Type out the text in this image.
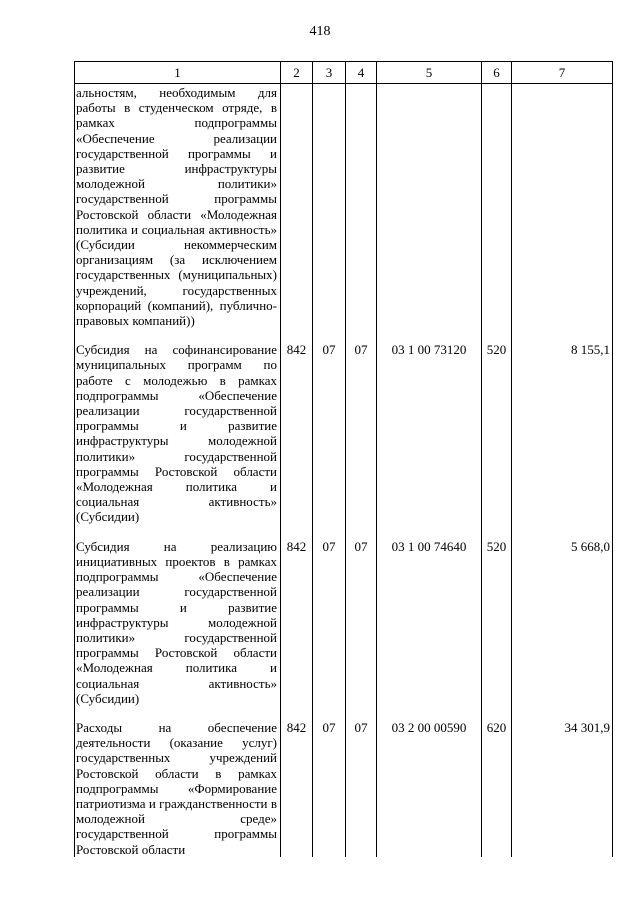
418
1	2	3	4	5	6	7
альностям, необходимым для работы в студенческом отряде, в рамках подпрограммы «Обеспечение реализации государственной программы и развитие инфраструктуры молодежной политики» государственной программы Ростовской области «Молодежная политика и социальная активность» (Субсидии некоммерческим организациям (за исключением государственных (муниципальных) учреждений, государственных корпораций (компаний), публично-правовых компаний))						
Субсидия на софинансирование муниципальных программ по работе с молодежью в рамках подпрограммы «Обеспечение реализации государственной программы и развитие инфраструктуры молодежной политики» государственной программы Ростовской области «Молодежная политика и социальная активность» (Субсидии)	842	07	07	03 1 00 73120	520	8 155,1
Субсидия на реализацию инициативных проектов в рамках подпрограммы «Обеспечение реализации государственной программы и развитие инфраструктуры молодежной политики» государственной программы Ростовской области «Молодежная политика и социальная активность» (Субсидии)	842	07	07	03 1 00 74640	520	5 668,0
Расходы на обеспечение деятельности (оказание услуг) государственных учреждений Ростовской области в рамках подпрограммы «Формирование патриотизма и гражданственности в молодежной среде» государственной программы Ростовской области	842	07	07	03 2 00 00590	620	34 301,9
